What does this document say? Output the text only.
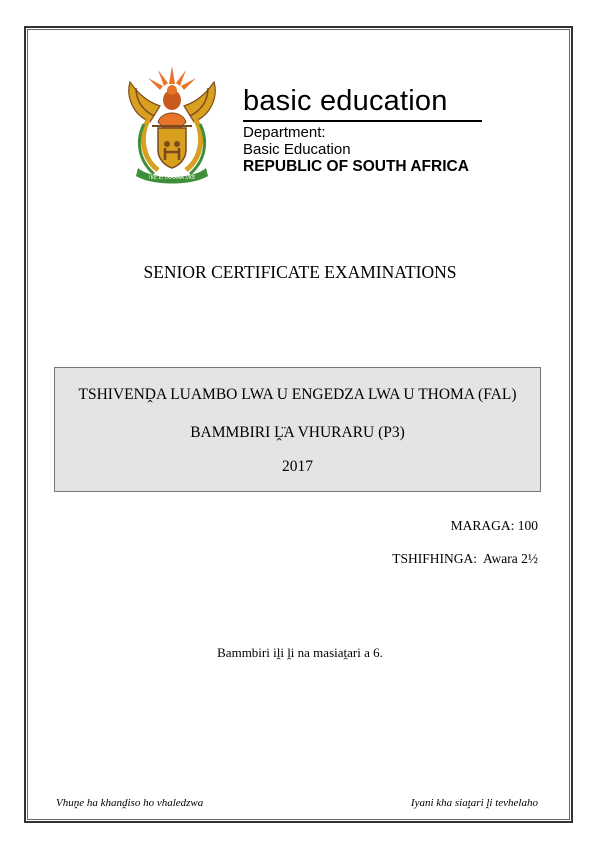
!KE E: /XARRA //KE
basic education
Department:
Basic Education
REPUBLIC OF SOUTH AFRICA
SENIOR CERTIFICATE EXAMINATIONS
TSHIVENḒA LUAMBO LWA U ENGEDZA LWA U THOMA (FAL)
BAMMBIRI Ḽ̈A VHURARU (P3)
2017
MARAGA: 100
TSHIFHINGA:  Awara 2½
Bammbiri iḽi ḽi na masiaṱari a 6.
Vhuṋe ha khanḓiso ho vhaledzwa	Iyani kha siaṱari ḽi tevhelaho
